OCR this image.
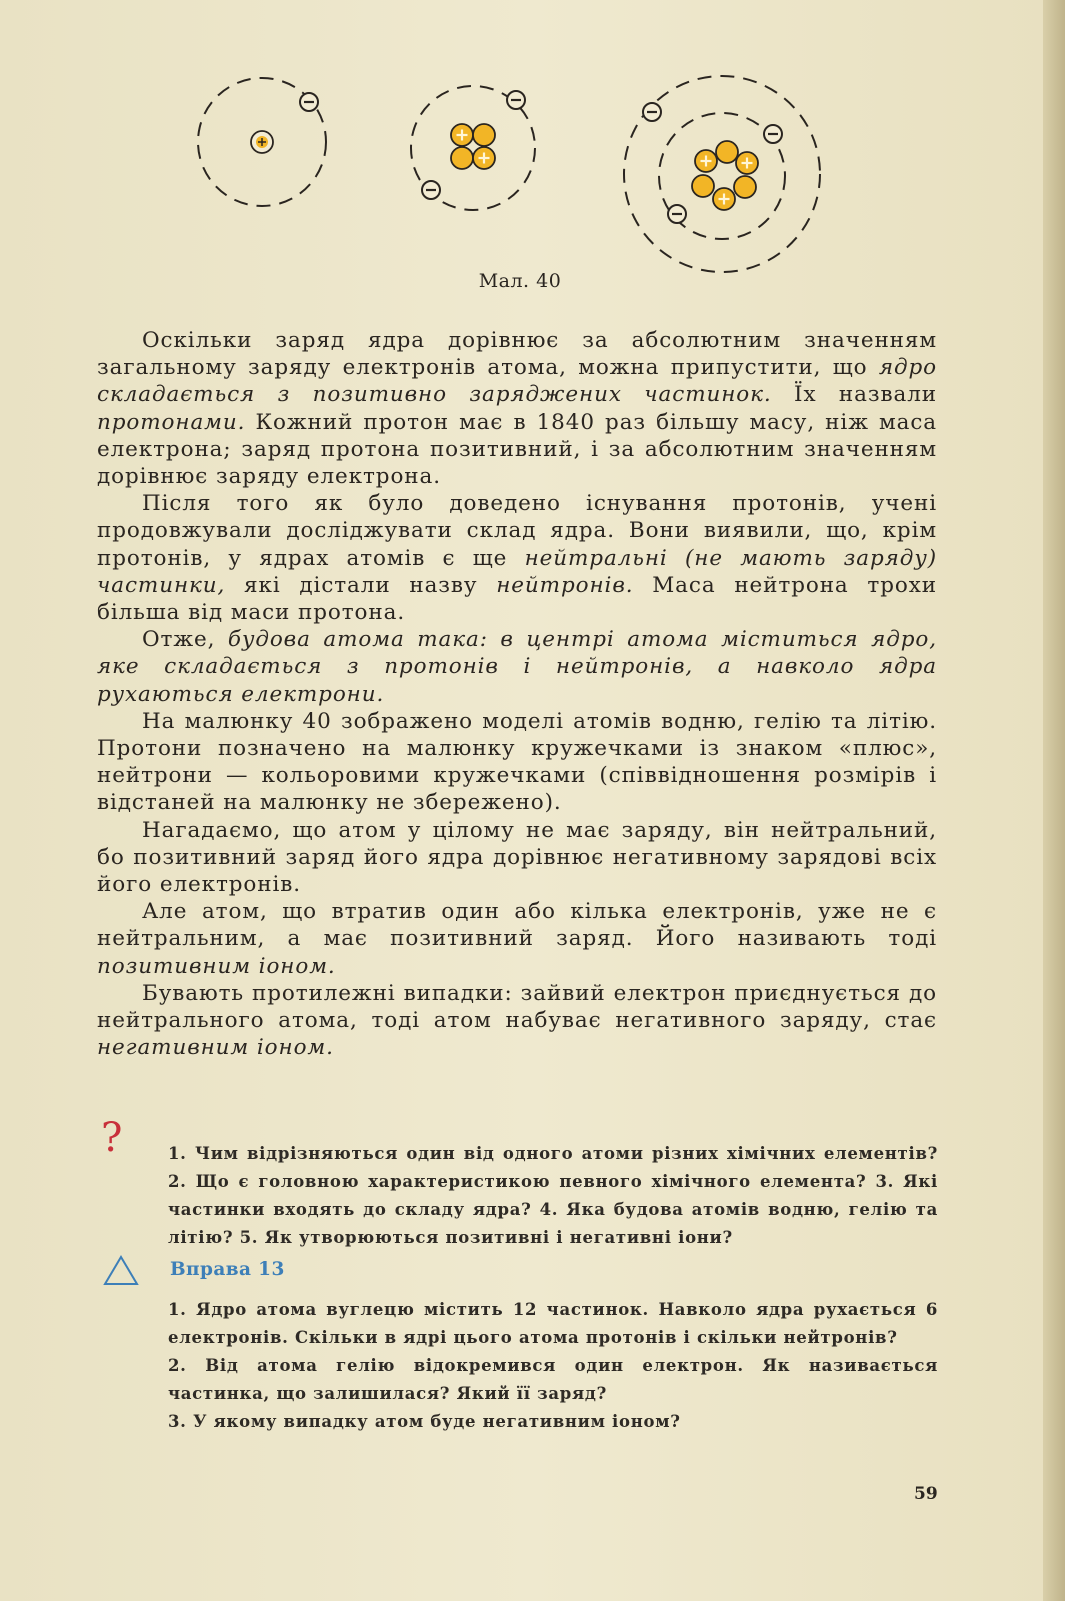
Мал. 40

Оскільки заряд ядра дорівнює за абсолютним значенням загальному заряду електронів атома, можна припустити, що ядро складається з позитивно заряджених частинок. Їх назвали протонами. Кожний протон має в 1840 раз більшу масу, ніж маса електрона; заряд протона позитивний, і за абсолютним значенням дорівнює заряду електрона.

Після того як було доведено існування протонів, учені продовжували досліджувати склад ядра. Вони виявили, що, крім протонів, у ядрах атомів є ще нейтральні (не мають заряду) частинки, які дістали назву нейтронів. Маса нейтрона трохи більша від маси протона.

Отже, будова атома така: в центрі атома міститься ядро, яке складається з протонів і нейтронів, а навколо ядра рухаються електрони.

На малюнку 40 зображено моделі атомів водню, гелію та літію. Протони позначено на малюнку кружечками із знаком «плюс», нейтрони — кольоровими кружечками (співвідношення розмірів і відстаней на малюнку не збережено).

Нагадаємо, що атом у цілому не має заряду, він нейтральний, бо позитивний заряд його ядра дорівнює негативному зарядові всіх його електронів.

Але атом, що втратив один або кілька електронів, уже не є нейтральним, а має позитивний заряд. Його називають тоді позитивним іоном.

Бувають протилежні випадки: зайвий електрон приєднується до нейтрального атома, тоді атом набуває негативного заряду, стає негативним іоном.

?	1. Чим відрізняються один від одного атоми різних хімічних елементів? 2. Що є головною характеристикою певного хімічного елемента? 3. Які частинки входять до складу ядра? 4. Яка будова атомів водню, гелію та літію? 5. Як утворюються позитивні і негативні іони?
Вправа 13

1. Ядро атома вуглецю містить 12 частинок. Навколо ядра рухається 6 електронів. Скільки в ядрі цього атома протонів і скільки нейтронів?

2. Від атома гелію відокремився один електрон. Як називається частинка, що залишилася? Який її заряд?

3. У якому випадку атом буде негативним іоном?

59
